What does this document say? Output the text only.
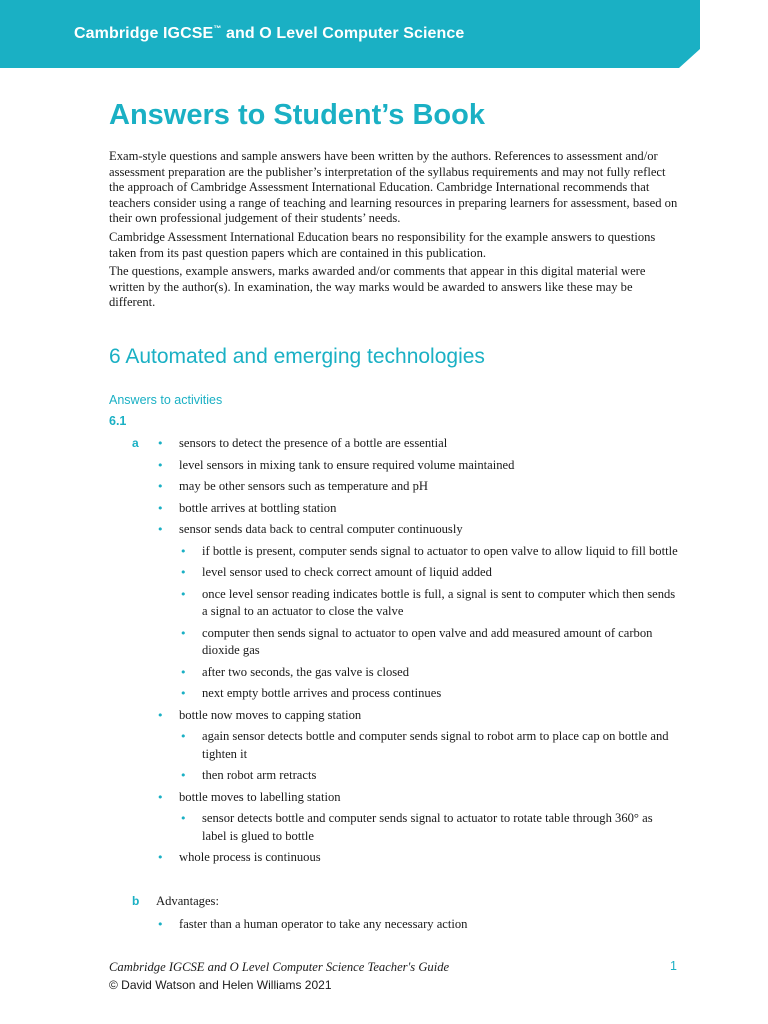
Cambridge IGCSE™ and O Level Computer Science
Answers to Student’s Book

Exam-style questions and sample answers have been written by the authors. References to assessment and/or assessment preparation are the publisher’s interpretation of the syllabus requirements and may not fully reflect the approach of Cambridge Assessment International Education. Cambridge International recommends that teachers consider using a range of teaching and learning resources in preparing learners for assessment, based on their own professional judgement of their students’ needs.

Cambridge Assessment International Education bears no responsibility for the example answers to questions taken from its past question papers which are contained in this publication.

The questions, example answers, marks awarded and/or comments that appear in this digital material were written by the author(s). In examination, the way marks would be awarded to answers like these may be different.

6 Automated and emerging technologies
Answers to activities
6.1
a • sensors to detect the presence of a bottle are essential
• level sensors in mixing tank to ensure required volume maintained
• may be other sensors such as temperature and pH
• bottle arrives at bottling station
• sensor sends data back to central computer continuously
• if bottle is present, computer sends signal to actuator to open valve to allow liquid to fill bottle
• level sensor used to check correct amount of liquid added
• once level sensor reading indicates bottle is full, a signal is sent to computer which then sends a signal to an actuator to close the valve
• computer then sends signal to actuator to open valve and add measured amount of carbon dioxide gas
• after two seconds, the gas valve is closed
• next empty bottle arrives and process continues
• bottle now moves to capping station
• again sensor detects bottle and computer sends signal to robot arm to place cap on bottle and tighten it
• then robot arm retracts
• bottle moves to labelling station
• sensor detects bottle and computer sends signal to actuator to rotate table through 360° as label is glued to bottle
• whole process is continuous
b Advantages:
• faster than a human operator to take any necessary action
Cambridge IGCSE and O Level Computer Science Teacher's Guide
© David Watson and Helen Williams 2021
1
